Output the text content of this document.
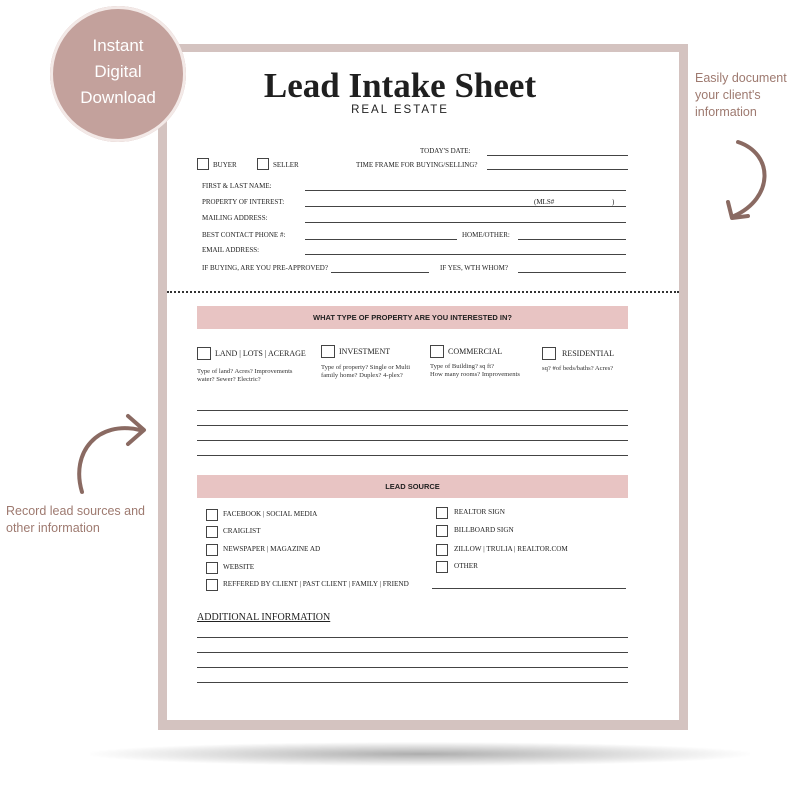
Instant
Digital
Download
Easily document
your client's
information
Record lead sources and
other information
Lead Intake Sheet
REAL ESTATE
TODAY'S DATE:
BUYER	SELLER	TIME FRAME FOR BUYING/SELLING?
FIRST & LAST NAME:
PROPERTY OF INTEREST:	(MLS#	)
MAILING ADDRESS:
BEST CONTACT PHONE #:	HOME/OTHER:
EMAIL ADDRESS:
IF BUYING, ARE YOU PRE-APPROVED?	IF YES, WTH WHOM?
WHAT TYPE OF PROPERTY ARE YOU INTERESTED IN?
LAND | LOTS | ACERAGE
Type of land? Acres? Improvements
water? Sewer? Electric?
INVESTMENT
Type of property? Single or Multi
family home? Duplex? 4-plex?
COMMERCIAL
Type of Building? sq ft?
How many rooms? Improvements
RESIDENTIAL
sq? #of beds/baths? Acres?
LEAD SOURCE
FACEBOOK | SOCIAL MEDIA
CRAIGLIST
NEWSPAPER | MAGAZINE AD
WEBSITE
REALTOR SIGN
BILLBOARD SIGN
ZILLOW | TRULIA | REALTOR.COM
OTHER
REFFERED BY CLIENT | PAST CLIENT | FAMILY | FRIEND
ADDITIONAL INFORMATION
